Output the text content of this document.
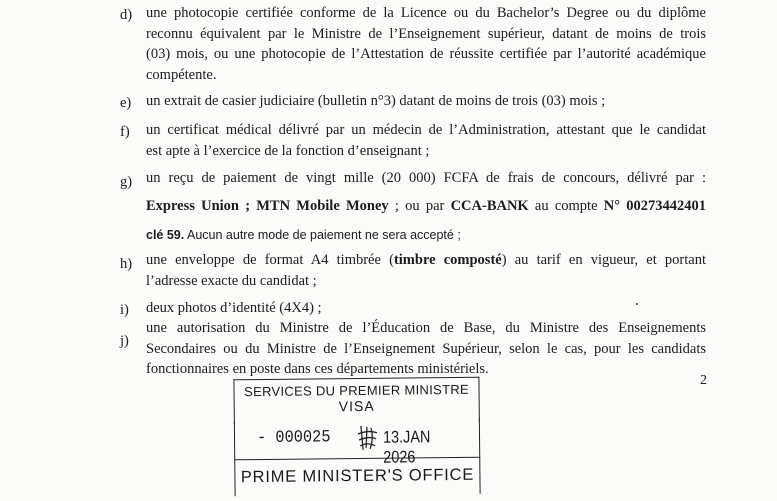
d) une photocopie certifiée conforme de la Licence ou du Bachelor’s Degree ou du diplôme

reconnu équivalent par le Ministre de l’Enseignement supérieur, datant de moins de trois

(03) mois, ou une photocopie de l’Attestation de réussite certifiée par l’autorité académique

compétente.

e) un extrait de casier judiciaire (bulletin n°3) datant de moins de trois (03) mois ;

f) un certificat médical délivré par un médecin de l’Administration, attestant que le candidat

est apte à l’exercice de la fonction d’enseignant ;

g) un reçu de paiement de vingt mille (20 000) FCFA de frais de concours, délivré par :

Express Union ; MTN Mobile Money ; ou par CCA-BANK au compte N° 00273442401

clé 59. Aucun autre mode de paiement ne sera accepté ;

h) une enveloppe de format A4 timbrée (timbre composté) au tarif en vigueur, et portant

l’adresse exacte du candidat ;

i) deux photos d’identité (4X4) ;

j)

une autorisation du Ministre de l’Éducation de Base, du Ministre des Enseignements

Secondaires ou du Ministre de l’Enseignement Supérieur, selon le cas, pour les candidats

fonctionnaires en poste dans ces départements ministériels.

2
SERVICES DU PREMIER MINISTRE
VISA
- 000025	13.JAN 2026
PRIME MINISTER'S OFFICE
